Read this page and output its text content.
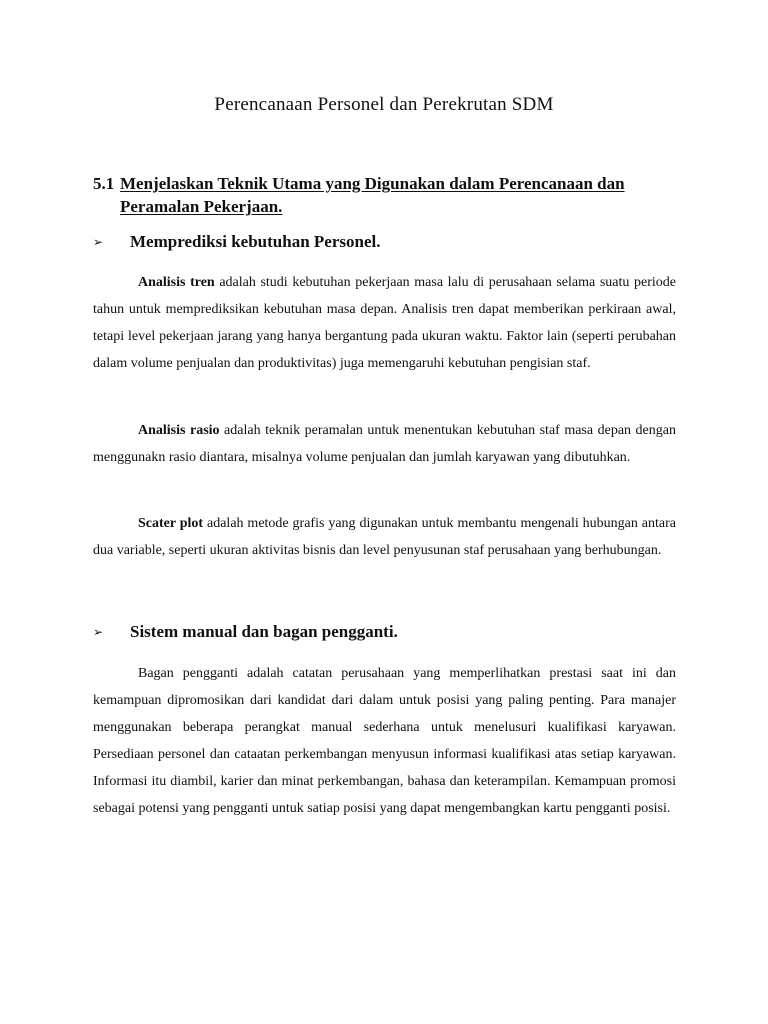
Perencanaan Personel dan Perekrutan SDM
5.1 Menjelaskan Teknik Utama yang Digunakan dalam Perencanaan dan
Peramalan Pekerjaan.
➢	Memprediksi kebutuhan Personel.

Analisis tren adalah studi kebutuhan pekerjaan masa lalu di perusahaan selama suatu periode tahun untuk memprediksikan kebutuhan masa depan. Analisis tren dapat memberikan perkiraan awal, tetapi level pekerjaan jarang yang hanya bergantung pada ukuran waktu. Faktor lain (seperti perubahan dalam volume penjualan dan produktivitas) juga memengaruhi kebutuhan pengisian staf.

Analisis rasio adalah teknik peramalan untuk menentukan kebutuhan staf masa depan dengan menggunakn rasio diantara, misalnya volume penjualan dan jumlah karyawan yang dibutuhkan.

Scater plot adalah metode grafis yang digunakan untuk membantu mengenali hubungan antara dua variable, seperti ukuran aktivitas bisnis dan level penyusunan staf perusahaan yang berhubungan.

➢	Sistem manual dan bagan pengganti.

Bagan pengganti adalah catatan perusahaan yang memperlihatkan prestasi saat ini dan kemampuan dipromosikan dari kandidat dari dalam untuk posisi yang paling penting. Para manajer menggunakan beberapa perangkat manual sederhana untuk menelusuri kualifikasi karyawan. Persediaan personel dan cataatan perkembangan menyusun informasi kualifikasi atas setiap karyawan. Informasi itu diambil, karier dan minat perkembangan, bahasa dan keterampilan. Kemampuan promosi sebagai potensi yang pengganti untuk satiap posisi yang dapat mengembangkan kartu pengganti posisi.
